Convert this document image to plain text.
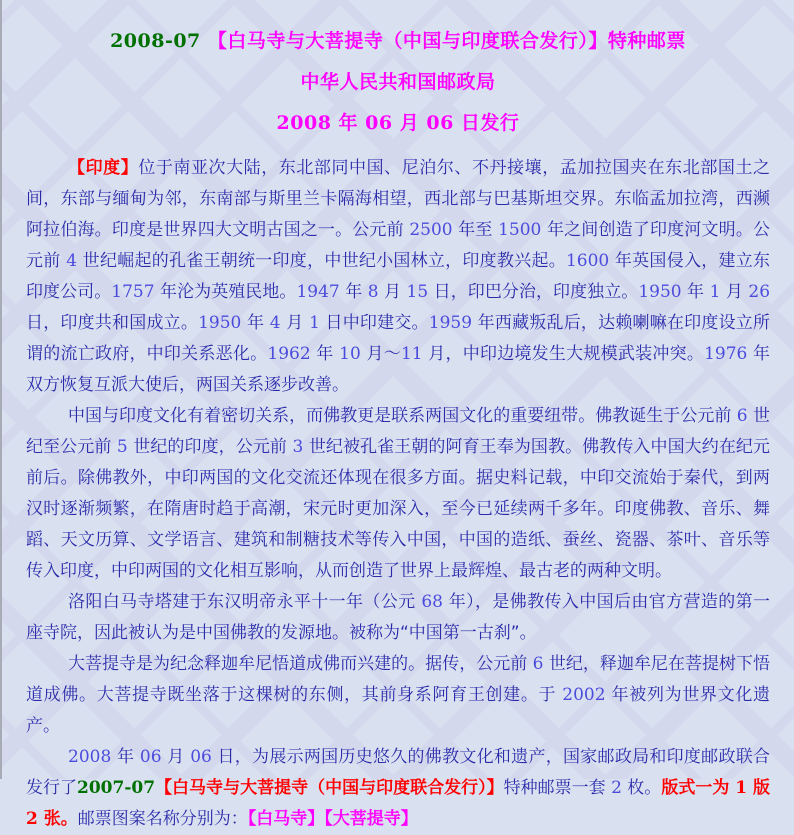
2008-07 【白马寺与大菩提寺（中国与印度联合发行）】特种邮票
中华人民共和国邮政局
2008 年 06 月 06 日发行

【印度】位于南亚次大陆，东北部同中国、尼泊尔、不丹接壤，孟加拉国夹在东北部国土之间，东部与缅甸为邻，东南部与斯里兰卡隔海相望，西北部与巴基斯坦交界。东临孟加拉湾，西濒阿拉伯海。印度是世界四大文明古国之一。公元前 2500 年至 1500 年之间创造了印度河文明。公元前 4 世纪崛起的孔雀王朝统一印度，中世纪小国林立，印度教兴起。1600 年英国侵入，建立东印度公司。1757 年沦为英殖民地。1947 年 8 月 15 日，印巴分治，印度独立。1950 年 1 月 26 日，印度共和国成立。1950 年 4 月 1 日中印建交。1959 年西藏叛乱后，达赖喇嘛在印度设立所谓的流亡政府，中印关系恶化。1962 年 10 月～11 月，中印边境发生大规模武装冲突。1976 年双方恢复互派大使后，两国关系逐步改善。

中国与印度文化有着密切关系，而佛教更是联系两国文化的重要纽带。佛教诞生于公元前 6 世纪至公元前 5 世纪的印度，公元前 3 世纪被孔雀王朝的阿育王奉为国教。佛教传入中国大约在纪元前后。除佛教外，中印两国的文化交流还体现在很多方面。据史料记载，中印交流始于秦代，到两汉时逐渐频繁，在隋唐时趋于高潮，宋元时更加深入，至今已延续两千多年。印度佛教、音乐、舞蹈、天文历算、文学语言、建筑和制糖技术等传入中国，中国的造纸、蚕丝、瓷器、茶叶、音乐等传入印度，中印两国的文化相互影响，从而创造了世界上最辉煌、最古老的两种文明。

洛阳白马寺塔建于东汉明帝永平十一年（公元 68 年），是佛教传入中国后由官方营造的第一座寺院，因此被认为是中国佛教的发源地。被称为“中国第一古刹”。

大菩提寺是为纪念释迦牟尼悟道成佛而兴建的。据传，公元前 6 世纪，释迦牟尼在菩提树下悟道成佛。大菩提寺既坐落于这棵树的东侧，其前身系阿育王创建。于 2002 年被列为世界文化遗产。

2008 年 06 月 06 日，为展示两国历史悠久的佛教文化和遗产，国家邮政局和印度邮政联合发行了2007-07【白马寺与大菩提寺（中国与印度联合发行）】特种邮票一套 2 枚。版式一为 1 版 2 张。邮票图案名称分别为：【白马寺】【大菩提寺】
